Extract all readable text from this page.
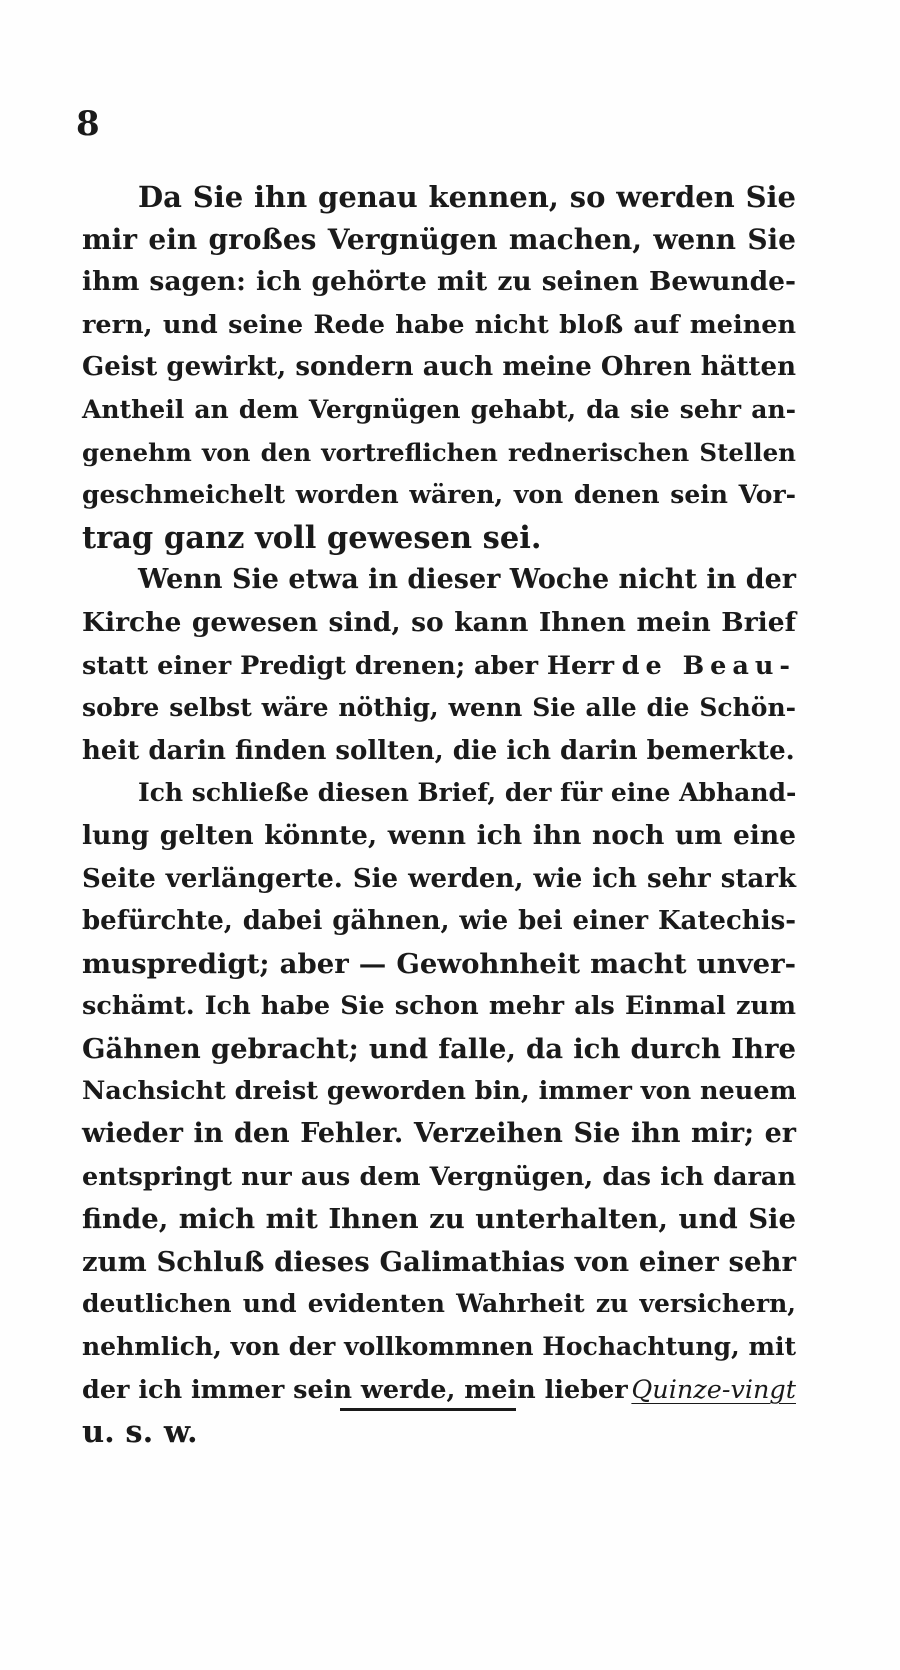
8
Da Sie ihn genau kennen, so werden Sie
mir ein großes Vergnügen machen, wenn Sie
ihm sagen: ich gehörte mit zu seinen Bewunde-
rern, und seine Rede habe nicht bloß auf meinen
Geist gewirkt, sondern auch meine Ohren hätten
Antheil an dem Vergnügen gehabt, da sie sehr an-
genehm von den vortreflichen rednerischen Stellen
geschmeichelt worden wären, von denen sein Vor-
trag ganz voll gewesen sei.
Wenn Sie etwa in dieser Woche nicht in der
Kirche gewesen sind, so kann Ihnen mein Brief
statt einer Predigt drenen; aber Herr de Beau-
sobre selbst wäre nöthig, wenn Sie alle die Schön-
heit darin finden sollten, die ich darin bemerkte.
Ich schließe diesen Brief, der für eine Abhand-
lung gelten könnte, wenn ich ihn noch um eine
Seite verlängerte. Sie werden, wie ich sehr stark
befürchte, dabei gähnen, wie bei einer Katechis-
muspredigt; aber — Gewohnheit macht unver-
schämt. Ich habe Sie schon mehr als Einmal zum
Gähnen gebracht; und falle, da ich durch Ihre
Nachsicht dreist geworden bin, immer von neuem
wieder in den Fehler. Verzeihen Sie ihn mir; er
entspringt nur aus dem Vergnügen, das ich daran
finde, mich mit Ihnen zu unterhalten, und Sie
zum Schluß dieses Galimathias von einer sehr
deutlichen und evidenten Wahrheit zu versichern,
nehmlich, von der vollkommnen Hochachtung, mit
der ich immer sein werde, mein lieber Quinze-vingt
u. s. w.
